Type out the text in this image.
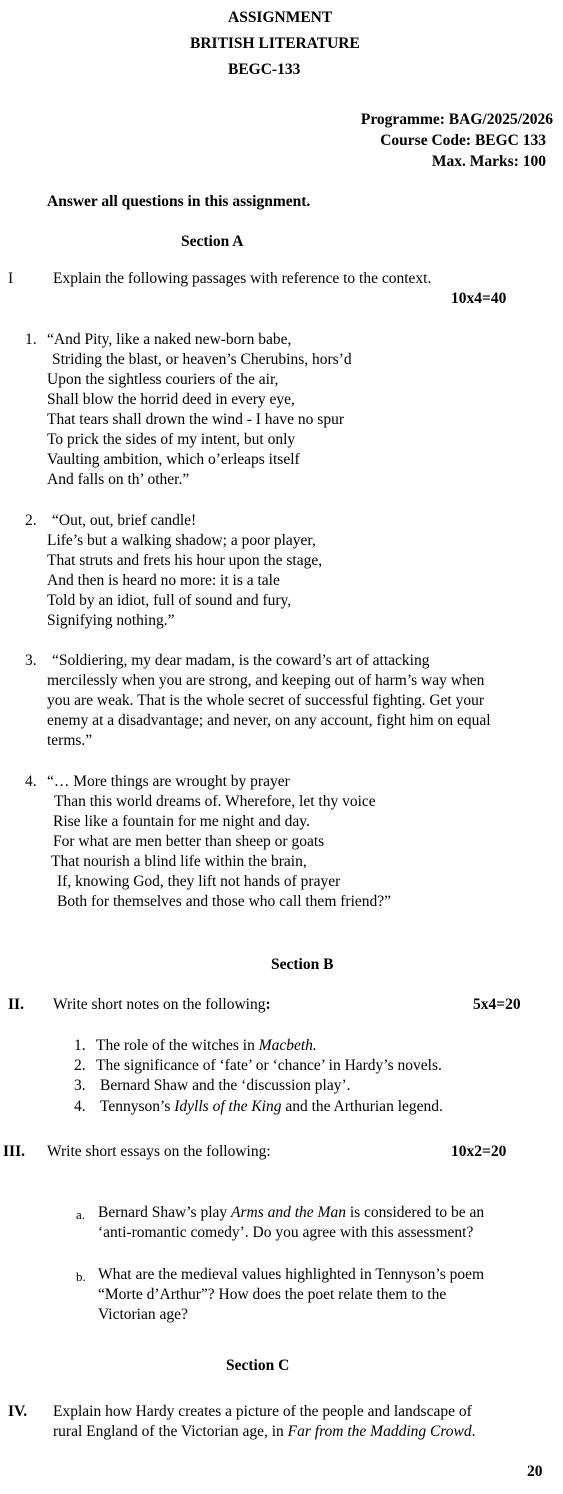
ASSIGNMENT
BRITISH LITERATURE
BEGC-133
Programme: BAG/2025/2026
Course Code: BEGC 133
Max. Marks: 100
Answer all questions in this assignment.
Section A
I	Explain the following passages with reference to the context.
10x4=40
1. “And Pity, like a naked new-born babe,
Striding the blast, or heaven’s Cherubins, hors’d
Upon the sightless couriers of the air,
Shall blow the horrid deed in every eye,
That tears shall drown the wind - I have no spur
To prick the sides of my intent, but only
Vaulting ambition, which o’erleaps itself
And falls on th’ other.”
2. “Out, out, brief candle!
Life’s but a walking shadow; a poor player,
That struts and frets his hour upon the stage,
And then is heard no more: it is a tale
Told by an idiot, full of sound and fury,
Signifying nothing.”
3. “Soldiering, my dear madam, is the coward’s art of attacking
mercilessly when you are strong, and keeping out of harm’s way when
you are weak. That is the whole secret of successful fighting. Get your
enemy at a disadvantage; and never, on any account, fight him on equal
terms.”
4. “… More things are wrought by prayer
Than this world dreams of. Wherefore, let thy voice
Rise like a fountain for me night and day.
For what are men better than sheep or goats
That nourish a blind life within the brain,
If, knowing God, they lift not hands of prayer
Both for themselves and those who call them friend?”
Section B
II. Write short notes on the following:	5x4=20
1. The role of the witches in Macbeth.
2. The significance of ‘fate’ or ‘chance’ in Hardy’s novels.
3. Bernard Shaw and the ‘discussion play’.
4. Tennyson’s Idylls of the King and the Arthurian legend.
III. Write short essays on the following:	10x2=20
a. Bernard Shaw’s play Arms and the Man is considered to be an
‘anti-romantic comedy’. Do you agree with this assessment?
b. What are the medieval values highlighted in Tennyson’s poem
“Morte d’Arthur”? How does the poet relate them to the
Victorian age?
Section C
IV. Explain how Hardy creates a picture of the people and landscape of
rural England of the Victorian age, in Far from the Madding Crowd.
20
